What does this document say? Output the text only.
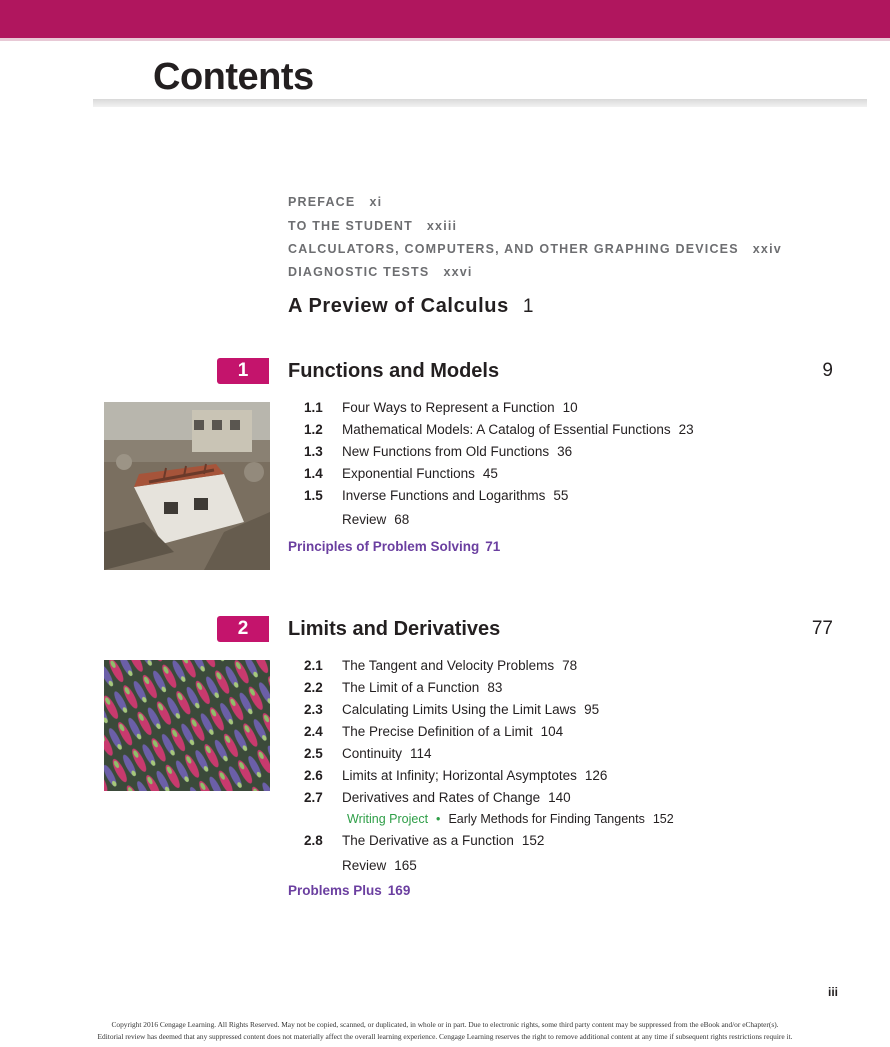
Contents
PREFACE xi
TO THE STUDENT xxiii
CALCULATORS, COMPUTERS, AND OTHER GRAPHING DEVICES xxiv
DIAGNOSTIC TESTS xxvi
A Preview of Calculus 1
1	Functions and Models	9
1.1 Four Ways to Represent a Function 10
1.2 Mathematical Models: A Catalog of Essential Functions 23
1.3 New Functions from Old Functions 36
1.4 Exponential Functions 45
1.5 Inverse Functions and Logarithms 55
Review 68
Principles of Problem Solving 71
2	Limits and Derivatives	77
2.1 The Tangent and Velocity Problems 78
2.2 The Limit of a Function 83
2.3 Calculating Limits Using the Limit Laws 95
2.4 The Precise Definition of a Limit 104
2.5 Continuity 114
2.6 Limits at Infinity; Horizontal Asymptotes 126
2.7 Derivatives and Rates of Change 140
Writing Project • Early Methods for Finding Tangents 152
2.8 The Derivative as a Function 152
Review 165
Problems Plus 169
iii
Copyright 2016 Cengage Learning. All Rights Reserved. May not be copied, scanned, or duplicated, in whole or in part. Due to electronic rights, some third party content may be suppressed from the eBook and/or eChapter(s).
Editorial review has deemed that any suppressed content does not materially affect the overall learning experience. Cengage Learning reserves the right to remove additional content at any time if subsequent rights restrictions require it.
